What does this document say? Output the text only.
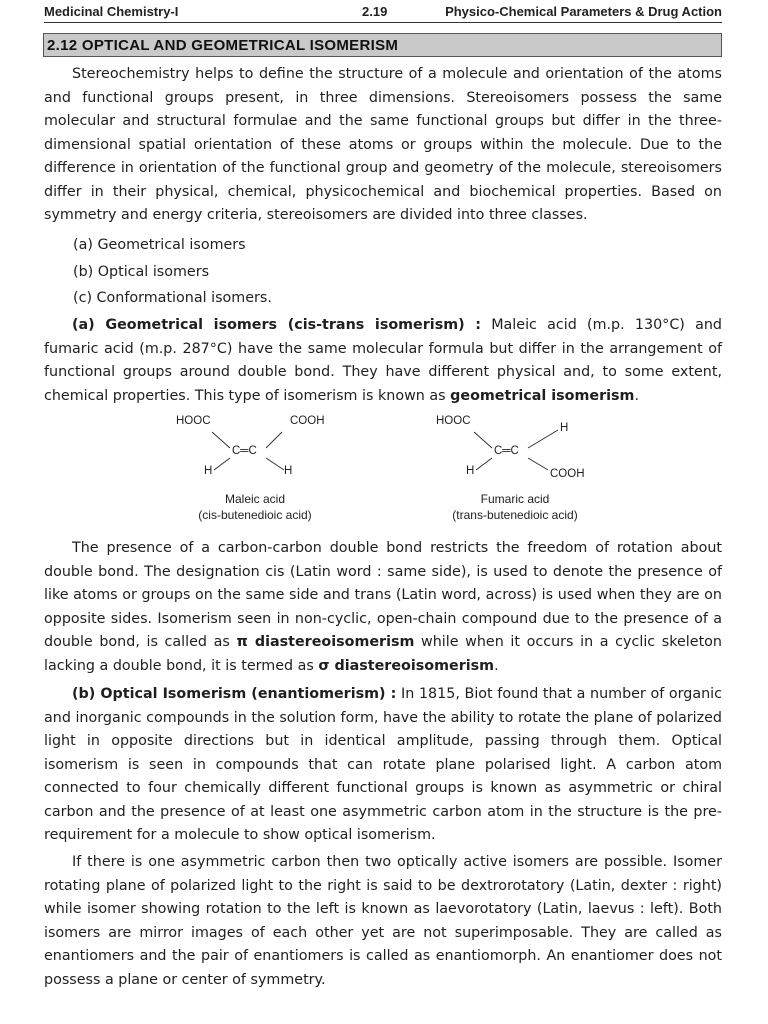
Medicinal Chemistry-I	2.19	Physico-Chemical Parameters & Drug Action
2.12 OPTICAL AND GEOMETRICAL ISOMERISM

Stereochemistry helps to define the structure of a molecule and orientation of the atoms and functional groups present, in three dimensions. Stereoisomers possess the same molecular and structural formulae and the same functional groups but differ in the three-dimensional spatial orientation of these atoms or groups within the molecule. Due to the difference in orientation of the functional group and geometry of the molecule, stereoisomers differ in their physical, chemical, physicochemical and biochemical properties. Based on symmetry and energy criteria, stereoisomers are divided into three classes.

(a) Geometrical isomers
(b) Optical isomers
(c) Conformational isomers.

(a) Geometrical isomers (cis-trans isomerism) : Maleic acid (m.p. 130°C) and fumaric acid (m.p. 287°C) have the same molecular formula but differ in the arrangement of functional groups around double bond. They have different physical and, to some extent, chemical properties. This type of isomerism is known as geometrical isomerism.

HOOC	COOH
C═C
H	H
Maleic acid
(cis-butenedioic acid)
HOOC
H
C═C
H	COOH
Fumaric acid
(trans-butenedioic acid)

The presence of a carbon-carbon double bond restricts the freedom of rotation about double bond. The designation cis (Latin word : same side), is used to denote the presence of like atoms or groups on the same side and trans (Latin word, across) is used when they are on opposite sides. Isomerism seen in non-cyclic, open-chain compound due to the presence of a double bond, is called as π diastereoisomerism while when it occurs in a cyclic skeleton lacking a double bond, it is termed as σ diastereoisomerism.

(b) Optical Isomerism (enantiomerism) : In 1815, Biot found that a number of organic and inorganic compounds in the solution form, have the ability to rotate the plane of polarized light in opposite directions but in identical amplitude, passing through them. Optical isomerism is seen in compounds that can rotate plane polarised light. A carbon atom connected to four chemically different functional groups is known as asymmetric or chiral carbon and the presence of at least one asymmetric carbon atom in the structure is the pre-requirement for a molecule to show optical isomerism.

If there is one asymmetric carbon then two optically active isomers are possible. Isomer rotating plane of polarized light to the right is said to be dextrorotatory (Latin, dexter : right) while isomer showing rotation to the left is known as laevorotatory (Latin, laevus : left). Both isomers are mirror images of each other yet are not superimposable. They are called as enantiomers and the pair of enantiomers is called as enantiomorph. An enantiomer does not possess a plane or center of symmetry.
